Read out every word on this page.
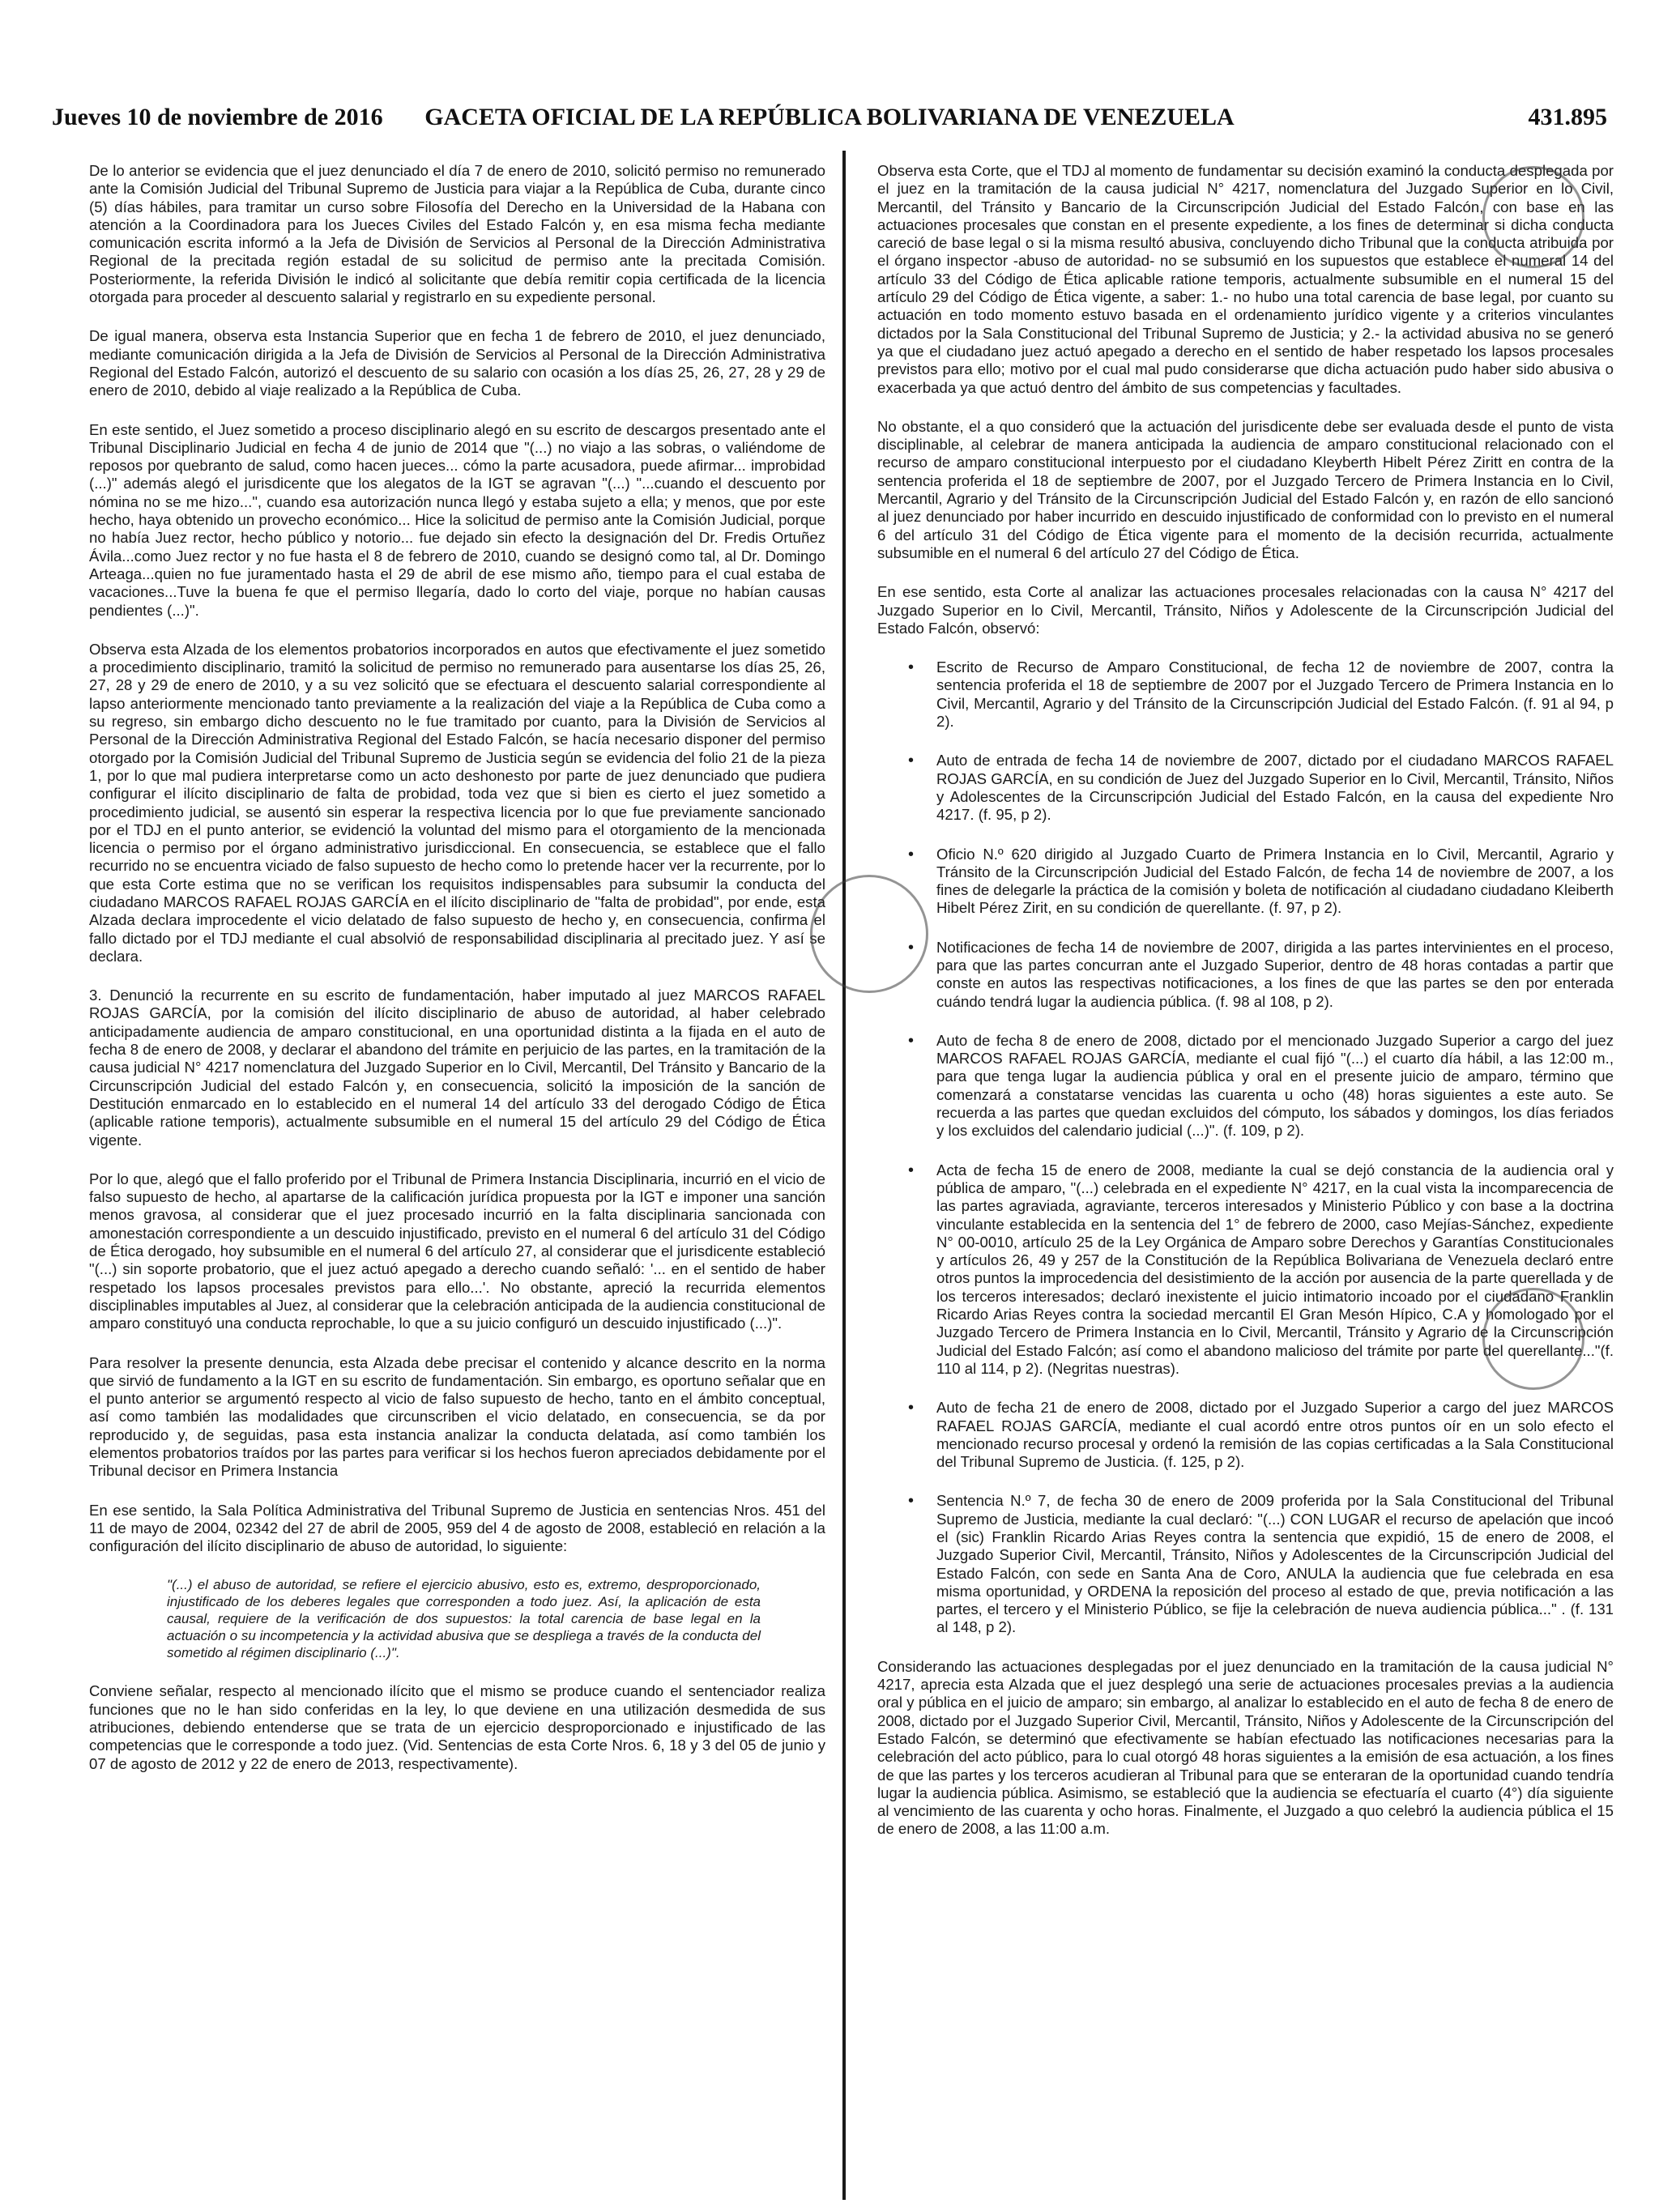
Jueves 10 de noviembre de 2016	GACETA OFICIAL DE LA REPÚBLICA BOLIVARIANA DE VENEZUELA	431.895

De lo anterior se evidencia que el juez denunciado el día 7 de enero de 2010, solicitó permiso no remunerado ante la Comisión Judicial del Tribunal Supremo de Justicia para viajar a la República de Cuba, durante cinco (5) días hábiles, para tramitar un curso sobre Filosofía del Derecho en la Universidad de la Habana con atención a la Coordinadora para los Jueces Civiles del Estado Falcón y, en esa misma fecha mediante comunicación escrita informó a la Jefa de División de Servicios al Personal de la Dirección Administrativa Regional de la precitada región estadal de su solicitud de permiso ante la precitada Comisión. Posteriormente, la referida División le indicó al solicitante que debía remitir copia certificada de la licencia otorgada para proceder al descuento salarial y registrarlo en su expediente personal.

De igual manera, observa esta Instancia Superior que en fecha 1 de febrero de 2010, el juez denunciado, mediante comunicación dirigida a la Jefa de División de Servicios al Personal de la Dirección Administrativa Regional del Estado Falcón, autorizó el descuento de su salario con ocasión a los días 25, 26, 27, 28 y 29 de enero de 2010, debido al viaje realizado a la República de Cuba.

En este sentido, el Juez sometido a proceso disciplinario alegó en su escrito de descargos presentado ante el Tribunal Disciplinario Judicial en fecha 4 de junio de 2014 que "(...) no viajo a las sobras, o valiéndome de reposos por quebranto de salud, como hacen jueces... cómo la parte acusadora, puede afirmar... improbidad (...)" además alegó el jurisdicente que los alegatos de la IGT se agravan "(...) "...cuando el descuento por nómina no se me hizo...", cuando esa autorización nunca llegó y estaba sujeto a ella; y menos, que por este hecho, haya obtenido un provecho económico... Hice la solicitud de permiso ante la Comisión Judicial, porque no había Juez rector, hecho público y notorio... fue dejado sin efecto la designación del Dr. Fredis Ortuñez Ávila...como Juez rector y no fue hasta el 8 de febrero de 2010, cuando se designó como tal, al Dr. Domingo Arteaga...quien no fue juramentado hasta el 29 de abril de ese mismo año, tiempo para el cual estaba de vacaciones...Tuve la buena fe que el permiso llegaría, dado lo corto del viaje, porque no habían causas pendientes (...)".

Observa esta Alzada de los elementos probatorios incorporados en autos que efectivamente el juez sometido a procedimiento disciplinario, tramitó la solicitud de permiso no remunerado para ausentarse los días 25, 26, 27, 28 y 29 de enero de 2010, y a su vez solicitó que se efectuara el descuento salarial correspondiente al lapso anteriormente mencionado tanto previamente a la realización del viaje a la República de Cuba como a su regreso, sin embargo dicho descuento no le fue tramitado por cuanto, para la División de Servicios al Personal de la Dirección Administrativa Regional del Estado Falcón, se hacía necesario disponer del permiso otorgado por la Comisión Judicial del Tribunal Supremo de Justicia según se evidencia del folio 21 de la pieza 1, por lo que mal pudiera interpretarse como un acto deshonesto por parte de juez denunciado que pudiera configurar el ilícito disciplinario de falta de probidad, toda vez que si bien es cierto el juez sometido a procedimiento judicial, se ausentó sin esperar la respectiva licencia por lo que fue previamente sancionado por el TDJ en el punto anterior, se evidenció la voluntad del mismo para el otorgamiento de la mencionada licencia o permiso por el órgano administrativo jurisdiccional. En consecuencia, se establece que el fallo recurrido no se encuentra viciado de falso supuesto de hecho como lo pretende hacer ver la recurrente, por lo que esta Corte estima que no se verifican los requisitos indispensables para subsumir la conducta del ciudadano MARCOS RAFAEL ROJAS GARCÍA en el ilícito disciplinario de "falta de probidad", por ende, esta Alzada declara improcedente el vicio delatado de falso supuesto de hecho y, en consecuencia, confirma el fallo dictado por el TDJ mediante el cual absolvió de responsabilidad disciplinaria al precitado juez. Y así se declara.

3. Denunció la recurrente en su escrito de fundamentación, haber imputado al juez MARCOS RAFAEL ROJAS GARCÍA, por la comisión del ilícito disciplinario de abuso de autoridad, al haber celebrado anticipadamente audiencia de amparo constitucional, en una oportunidad distinta a la fijada en el auto de fecha 8 de enero de 2008, y declarar el abandono del trámite en perjuicio de las partes, en la tramitación de la causa judicial N° 4217 nomenclatura del Juzgado Superior en lo Civil, Mercantil, Del Tránsito y Bancario de la Circunscripción Judicial del estado Falcón y, en consecuencia, solicitó la imposición de la sanción de Destitución enmarcado en lo establecido en el numeral 14 del artículo 33 del derogado Código de Ética (aplicable ratione temporis), actualmente subsumible en el numeral 15 del artículo 29 del Código de Ética vigente.

Por lo que, alegó que el fallo proferido por el Tribunal de Primera Instancia Disciplinaria, incurrió en el vicio de falso supuesto de hecho, al apartarse de la calificación jurídica propuesta por la IGT e imponer una sanción menos gravosa, al considerar que el juez procesado incurrió en la falta disciplinaria sancionada con amonestación correspondiente a un descuido injustificado, previsto en el numeral 6 del artículo 31 del Código de Ética derogado, hoy subsumible en el numeral 6 del artículo 27, al considerar que el jurisdicente estableció "(...) sin soporte probatorio, que el juez actuó apegado a derecho cuando señaló: '... en el sentido de haber respetado los lapsos procesales previstos para ello...'. No obstante, apreció la recurrida elementos disciplinables imputables al Juez, al considerar que la celebración anticipada de la audiencia constitucional de amparo constituyó una conducta reprochable, lo que a su juicio configuró un descuido injustificado (...)".

Para resolver la presente denuncia, esta Alzada debe precisar el contenido y alcance descrito en la norma que sirvió de fundamento a la IGT en su escrito de fundamentación. Sin embargo, es oportuno señalar que en el punto anterior se argumentó respecto al vicio de falso supuesto de hecho, tanto en el ámbito conceptual, así como también las modalidades que circunscriben el vicio delatado, en consecuencia, se da por reproducido y, de seguidas, pasa esta instancia analizar la conducta delatada, así como también los elementos probatorios traídos por las partes para verificar si los hechos fueron apreciados debidamente por el Tribunal decisor en Primera Instancia

En ese sentido, la Sala Política Administrativa del Tribunal Supremo de Justicia en sentencias Nros. 451 del 11 de mayo de 2004, 02342 del 27 de abril de 2005, 959 del 4 de agosto de 2008, estableció en relación a la configuración del ilícito disciplinario de abuso de autoridad, lo siguiente:

"(...) el abuso de autoridad, se refiere el ejercicio abusivo, esto es, extremo, desproporcionado, injustificado de los deberes legales que corresponden a todo juez. Así, la aplicación de esta causal, requiere de la verificación de dos supuestos: la total carencia de base legal en la actuación o su incompetencia y la actividad abusiva que se despliega a través de la conducta del sometido al régimen disciplinario (...)".

Conviene señalar, respecto al mencionado ilícito que el mismo se produce cuando el sentenciador realiza funciones que no le han sido conferidas en la ley, lo que deviene en una utilización desmedida de sus atribuciones, debiendo entenderse que se trata de un ejercicio desproporcionado e injustificado de las competencias que le corresponde a todo juez. (Vid. Sentencias de esta Corte Nros. 6, 18 y 3 del 05 de junio y 07 de agosto de 2012 y 22 de enero de 2013, respectivamente).

Observa esta Corte, que el TDJ al momento de fundamentar su decisión examinó la conducta desplegada por el juez en la tramitación de la causa judicial N° 4217, nomenclatura del Juzgado Superior en lo Civil, Mercantil, del Tránsito y Bancario de la Circunscripción Judicial del Estado Falcón, con base en las actuaciones procesales que constan en el presente expediente, a los fines de determinar si dicha conducta careció de base legal o si la misma resultó abusiva, concluyendo dicho Tribunal que la conducta atribuida por el órgano inspector -abuso de autoridad- no se subsumió en los supuestos que establece el numeral 14 del artículo 33 del Código de Ética aplicable ratione temporis, actualmente subsumible en el numeral 15 del artículo 29 del Código de Ética vigente, a saber: 1.- no hubo una total carencia de base legal, por cuanto su actuación en todo momento estuvo basada en el ordenamiento jurídico vigente y a criterios vinculantes dictados por la Sala Constitucional del Tribunal Supremo de Justicia; y 2.- la actividad abusiva no se generó ya que el ciudadano juez actuó apegado a derecho en el sentido de haber respetado los lapsos procesales previstos para ello; motivo por el cual mal pudo considerarse que dicha actuación pudo haber sido abusiva o exacerbada ya que actuó dentro del ámbito de sus competencias y facultades.

No obstante, el a quo consideró que la actuación del jurisdicente debe ser evaluada desde el punto de vista disciplinable, al celebrar de manera anticipada la audiencia de amparo constitucional relacionado con el recurso de amparo constitucional interpuesto por el ciudadano Kleyberth Hibelt Pérez Ziritt en contra de la sentencia proferida el 18 de septiembre de 2007, por el Juzgado Tercero de Primera Instancia en lo Civil, Mercantil, Agrario y del Tránsito de la Circunscripción Judicial del Estado Falcón y, en razón de ello sancionó al juez denunciado por haber incurrido en descuido injustificado de conformidad con lo previsto en el numeral 6 del artículo 31 del Código de Ética vigente para el momento de la decisión recurrida, actualmente subsumible en el numeral 6 del artículo 27 del Código de Ética.

En ese sentido, esta Corte al analizar las actuaciones procesales relacionadas con la causa N° 4217 del Juzgado Superior en lo Civil, Mercantil, Tránsito, Niños y Adolescente de la Circunscripción Judicial del Estado Falcón, observó:

• Escrito de Recurso de Amparo Constitucional, de fecha 12 de noviembre de 2007, contra la sentencia proferida el 18 de septiembre de 2007 por el Juzgado Tercero de Primera Instancia en lo Civil, Mercantil, Agrario y del Tránsito de la Circunscripción Judicial del Estado Falcón. (f. 91 al 94, p 2).
• Auto de entrada de fecha 14 de noviembre de 2007, dictado por el ciudadano MARCOS RAFAEL ROJAS GARCÍA, en su condición de Juez del Juzgado Superior en lo Civil, Mercantil, Tránsito, Niños y Adolescentes de la Circunscripción Judicial del Estado Falcón, en la causa del expediente Nro 4217. (f. 95, p 2).
• Oficio N.º 620 dirigido al Juzgado Cuarto de Primera Instancia en lo Civil, Mercantil, Agrario y Tránsito de la Circunscripción Judicial del Estado Falcón, de fecha 14 de noviembre de 2007, a los fines de delegarle la práctica de la comisión y boleta de notificación al ciudadano ciudadano Kleiberth Hibelt Pérez Zirit, en su condición de querellante. (f. 97, p 2).
• Notificaciones de fecha 14 de noviembre de 2007, dirigida a las partes intervinientes en el proceso, para que las partes concurran ante el Juzgado Superior, dentro de 48 horas contadas a partir que conste en autos las respectivas notificaciones, a los fines de que las partes se den por enterada cuándo tendrá lugar la audiencia pública. (f. 98 al 108, p 2).
• Auto de fecha 8 de enero de 2008, dictado por el mencionado Juzgado Superior a cargo del juez MARCOS RAFAEL ROJAS GARCÍA, mediante el cual fijó "(...) el cuarto día hábil, a las 12:00 m., para que tenga lugar la audiencia pública y oral en el presente juicio de amparo, término que comenzará a constatarse vencidas las cuarenta u ocho (48) horas siguientes a este auto. Se recuerda a las partes que quedan excluidos del cómputo, los sábados y domingos, los días feriados y los excluidos del calendario judicial (...)". (f. 109, p 2).
• Acta de fecha 15 de enero de 2008, mediante la cual se dejó constancia de la audiencia oral y pública de amparo, "(...) celebrada en el expediente N° 4217, en la cual vista la incomparecencia de las partes agraviada, agraviante, terceros interesados y Ministerio Público y con base a la doctrina vinculante establecida en la sentencia del 1° de febrero de 2000, caso Mejías-Sánchez, expediente N° 00-0010, artículo 25 de la Ley Orgánica de Amparo sobre Derechos y Garantías Constitucionales y artículos 26, 49 y 257 de la Constitución de la República Bolivariana de Venezuela declaró entre otros puntos la improcedencia del desistimiento de la acción por ausencia de la parte querellada y de los terceros interesados; declaró inexistente el juicio intimatorio incoado por el ciudadano Franklin Ricardo Arias Reyes contra la sociedad mercantil El Gran Mesón Hípico, C.A y homologado por el Juzgado Tercero de Primera Instancia en lo Civil, Mercantil, Tránsito y Agrario de la Circunscripción Judicial del Estado Falcón; así como el abandono malicioso del trámite por parte del querellante..."(f. 110 al 114, p 2). (Negritas nuestras).
• Auto de fecha 21 de enero de 2008, dictado por el Juzgado Superior a cargo del juez MARCOS RAFAEL ROJAS GARCÍA, mediante el cual acordó entre otros puntos oír en un solo efecto el mencionado recurso procesal y ordenó la remisión de las copias certificadas a la Sala Constitucional del Tribunal Supremo de Justicia. (f. 125, p 2).
• Sentencia N.º 7, de fecha 30 de enero de 2009 proferida por la Sala Constitucional del Tribunal Supremo de Justicia, mediante la cual declaró: "(...) CON LUGAR el recurso de apelación que incoó el (sic) Franklin Ricardo Arias Reyes contra la sentencia que expidió, 15 de enero de 2008, el Juzgado Superior Civil, Mercantil, Tránsito, Niños y Adolescentes de la Circunscripción Judicial del Estado Falcón, con sede en Santa Ana de Coro, ANULA la audiencia que fue celebrada en esa misma oportunidad, y ORDENA la reposición del proceso al estado de que, previa notificación a las partes, el tercero y el Ministerio Público, se fije la celebración de nueva audiencia pública..." . (f. 131 al 148, p 2).

Considerando las actuaciones desplegadas por el juez denunciado en la tramitación de la causa judicial N° 4217, aprecia esta Alzada que el juez desplegó una serie de actuaciones procesales previas a la audiencia oral y pública en el juicio de amparo; sin embargo, al analizar lo establecido en el auto de fecha 8 de enero de 2008, dictado por el Juzgado Superior Civil, Mercantil, Tránsito, Niños y Adolescente de la Circunscripción del Estado Falcón, se determinó que efectivamente se habían efectuado las notificaciones necesarias para la celebración del acto público, para lo cual otorgó 48 horas siguientes a la emisión de esa actuación, a los fines de que las partes y los terceros acudieran al Tribunal para que se enteraran de la oportunidad cuando tendría lugar la audiencia pública. Asimismo, se estableció que la audiencia se efectuaría el cuarto (4°) día siguiente al vencimiento de las cuarenta y ocho horas. Finalmente, el Juzgado a quo celebró la audiencia pública el 15 de enero de 2008, a las 11:00 a.m.
